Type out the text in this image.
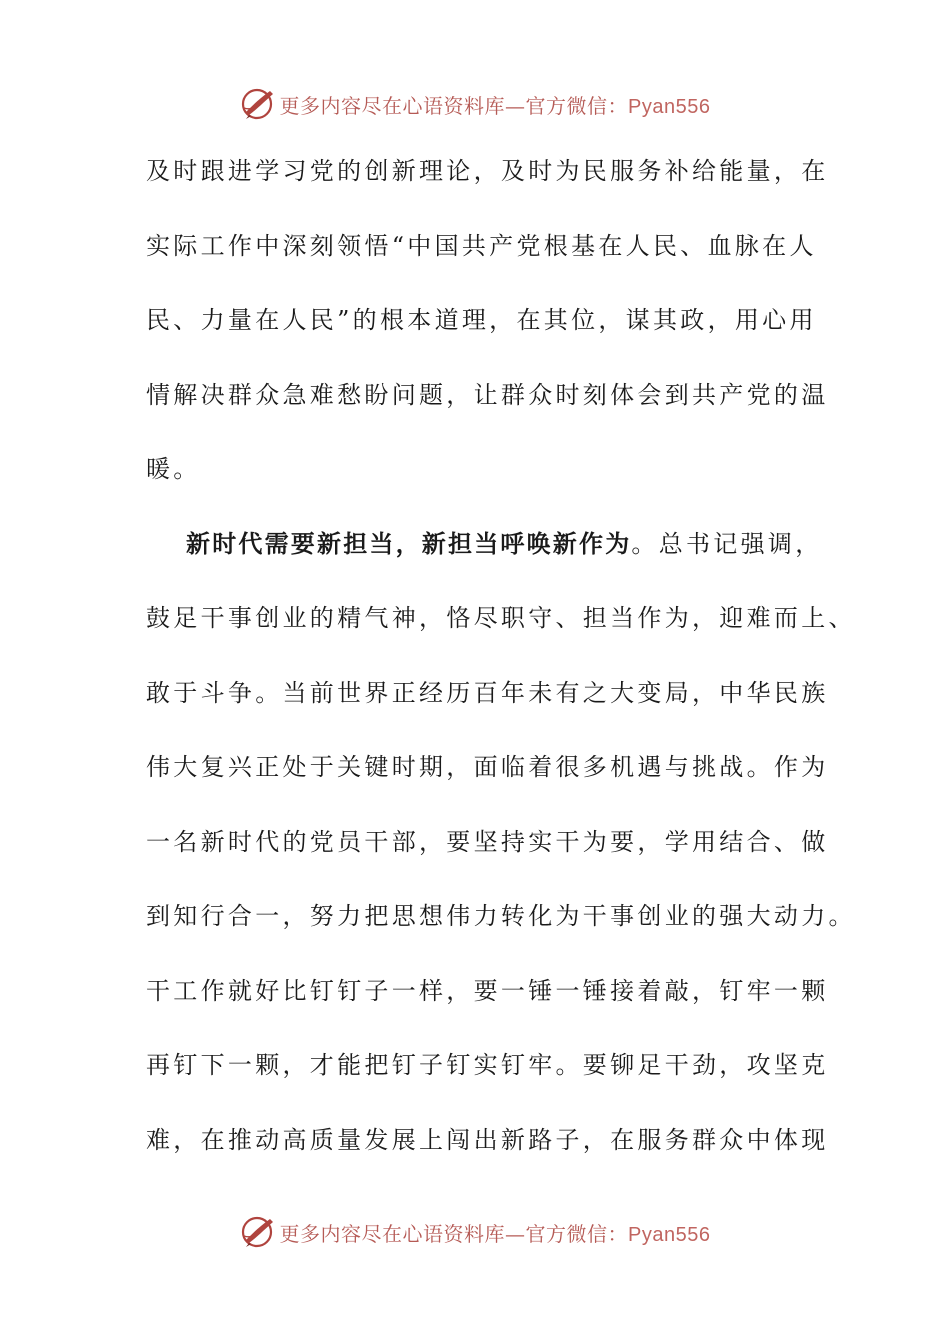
更多内容尽在心语资料库—官方微信：Pyan556
及时跟进学习党的创新理论，及时为民服务补给能量，在
实际工作中深刻领悟“中国共产党根基在人民、血脉在人
民、力量在人民”的根本道理，在其位，谋其政，用心用
情解决群众急难愁盼问题，让群众时刻体会到共产党的温
暖。
新时代需要新担当，新担当呼唤新作为。总书记强调，
鼓足干事创业的精气神，恪尽职守、担当作为，迎难而上、
敢于斗争。当前世界正经历百年未有之大变局，中华民族
伟大复兴正处于关键时期，面临着很多机遇与挑战。作为
一名新时代的党员干部，要坚持实干为要，学用结合、做
到知行合一，努力把思想伟力转化为干事创业的强大动力。
干工作就好比钉钉子一样，要一锤一锤接着敲，钉牢一颗
再钉下一颗，才能把钉子钉实钉牢。要铆足干劲，攻坚克
难，在推动高质量发展上闯出新路子，在服务群众中体现
更多内容尽在心语资料库—官方微信：Pyan556
